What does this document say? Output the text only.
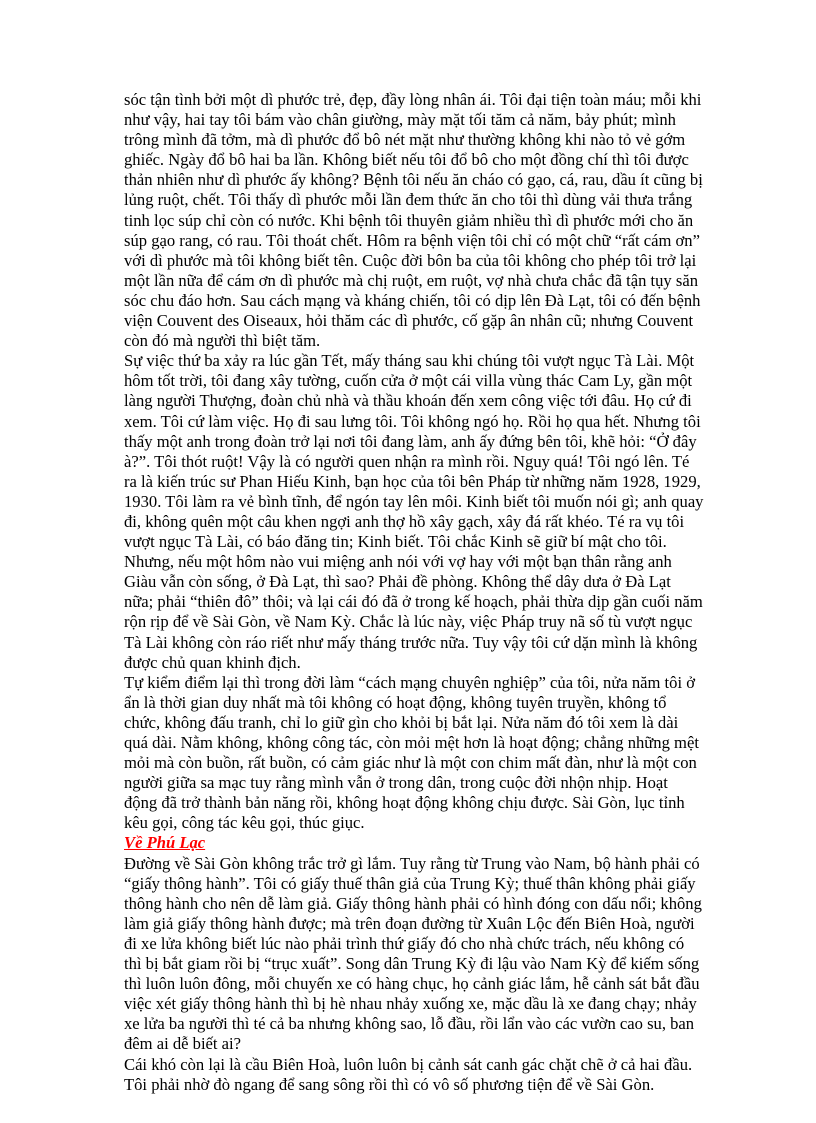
sóc tận tình bởi một dì phước trẻ, đẹp, đầy lòng nhân ái. Tôi đại tiện toàn máu; mỗi khi như vậy, hai tay tôi bám vào chân giường, mày mặt tối tăm cả năm, bảy phút; mình trông mình đã tởm, mà dì phước đổ bô nét mặt như thường không khi nào tỏ vẻ gớm ghiếc. Ngày đổ bô hai ba lần. Không biết nếu tôi đổ bô cho một đồng chí thì tôi được thản nhiên như dì phước ấy không? Bệnh tôi nếu ăn cháo có gạo, cá, rau, dầu ít cũng bị lủng ruột, chết. Tôi thấy dì phước mỗi lần đem thức ăn cho tôi thì dùng vải thưa trắng tinh lọc súp chỉ còn có nước. Khi bệnh tôi thuyên giảm nhiều thì dì phước mới cho ăn súp gạo rang, có rau. Tôi thoát chết. Hôm ra bệnh viện tôi chỉ có một chữ “rất cám ơn” với dì phước mà tôi không biết tên. Cuộc đời bôn ba của tôi không cho phép tôi trở lại một lần nữa để cám ơn dì phước mà chị ruột, em ruột, vợ nhà chưa chắc đã tận tụy săn sóc chu đáo hơn. Sau cách mạng và kháng chiến, tôi có dịp lên Đà Lạt, tôi có đến bệnh viện Couvent des Oiseaux, hỏi thăm các dì phước, cố gặp ân nhân cũ; nhưng Couvent còn đó mà người thì biệt tăm.

Sự việc thứ ba xảy ra lúc gần Tết, mấy tháng sau khi chúng tôi vượt ngục Tà Lài. Một hôm tốt trời, tôi đang xây tường, cuốn cửa ở một cái villa vùng thác Cam Ly, gần một làng người Thượng, đoàn chủ nhà và thầu khoán đến xem công việc tới đâu. Họ cứ đi xem. Tôi cứ làm việc. Họ đi sau lưng tôi. Tôi không ngó họ. Rồi họ qua hết. Nhưng tôi thấy một anh trong đoàn trở lại nơi tôi đang làm, anh ấy đứng bên tôi, khẽ hỏi: “Ở đây à?”. Tôi thót ruột! Vậy là có người quen nhận ra mình rồi. Nguy quá! Tôi ngó lên. Té ra là kiến trúc sư Phan Hiếu Kinh, bạn học của tôi bên Pháp từ những năm 1928, 1929, 1930. Tôi làm ra vẻ bình tĩnh, để ngón tay lên môi. Kinh biết tôi muốn nói gì; anh quay đi, không quên một câu khen ngợi anh thợ hồ xây gạch, xây đá rất khéo. Té ra vụ tôi vượt ngục Tà Lài, có báo đăng tin; Kinh biết. Tôi chắc Kinh sẽ giữ bí mật cho tôi. Nhưng, nếu một hôm nào vui miệng anh nói với vợ hay với một bạn thân rằng anh Giàu vẫn còn sống, ở Đà Lạt, thì sao? Phải đề phòng. Không thể dây dưa ở Đà Lạt nữa; phải “thiên đô” thôi; và lại cái đó đã ở trong kế hoạch, phải thừa dịp gần cuối năm rộn rịp để về Sài Gòn, về Nam Kỳ. Chắc là lúc này, việc Pháp truy nã số tù vượt ngục Tà Lài không còn ráo riết như mấy tháng trước nữa. Tuy vậy tôi cứ dặn mình là không được chủ quan khinh địch.

Tự kiểm điểm lại thì trong đời làm “cách mạng chuyên nghiệp” của tôi, nửa năm tôi ở ẩn là thời gian duy nhất mà tôi không có hoạt động, không tuyên truyền, không tổ chức, không đấu tranh, chỉ lo giữ gìn cho khỏi bị bắt lại. Nửa năm đó tôi xem là dài quá dài. Nằm không, không công tác, còn mỏi mệt hơn là hoạt động; chẳng những mệt mỏi mà còn buồn, rất buồn, có cảm giác như là một con chim mất đàn, như là một con người giữa sa mạc tuy rằng mình vẫn ở trong dân, trong cuộc đời nhộn nhịp. Hoạt động đã trở thành bản năng rồi, không hoạt động không chịu được. Sài Gòn, lục tỉnh kêu gọi, công tác kêu gọi, thúc giục.

Về Phú Lạc

Đường về Sài Gòn không trắc trở gì lắm. Tuy rằng từ Trung vào Nam, bộ hành phải có “giấy thông hành”. Tôi có giấy thuế thân giả của Trung Kỳ; thuế thân không phải giấy thông hành cho nên dễ làm giả. Giấy thông hành phải có hình đóng con dấu nổi; không làm giả giấy thông hành được; mà trên đoạn đường từ Xuân Lộc đến Biên Hoà, người đi xe lửa không biết lúc nào phải trình thứ giấy đó cho nhà chức trách, nếu không có thì bị bắt giam rồi bị “trục xuất”. Song dân Trung Kỳ đi lậu vào Nam Kỳ để kiếm sống thì luôn luôn đông, mỗi chuyến xe có hàng chục, họ cảnh giác lắm, hễ cảnh sát bắt đầu việc xét giấy thông hành thì bị hè nhau nhảy xuống xe, mặc dầu là xe đang chạy; nhảy xe lửa ba người thì té cả ba nhưng không sao, lỗ đầu, rồi lẩn vào các vườn cao su, ban đêm ai dễ biết ai?

Cái khó còn lại là cầu Biên Hoà, luôn luôn bị cảnh sát canh gác chặt chẽ ở cả hai đầu. Tôi phải nhờ đò ngang để sang sông rồi thì có vô số phương tiện để về Sài Gòn.
